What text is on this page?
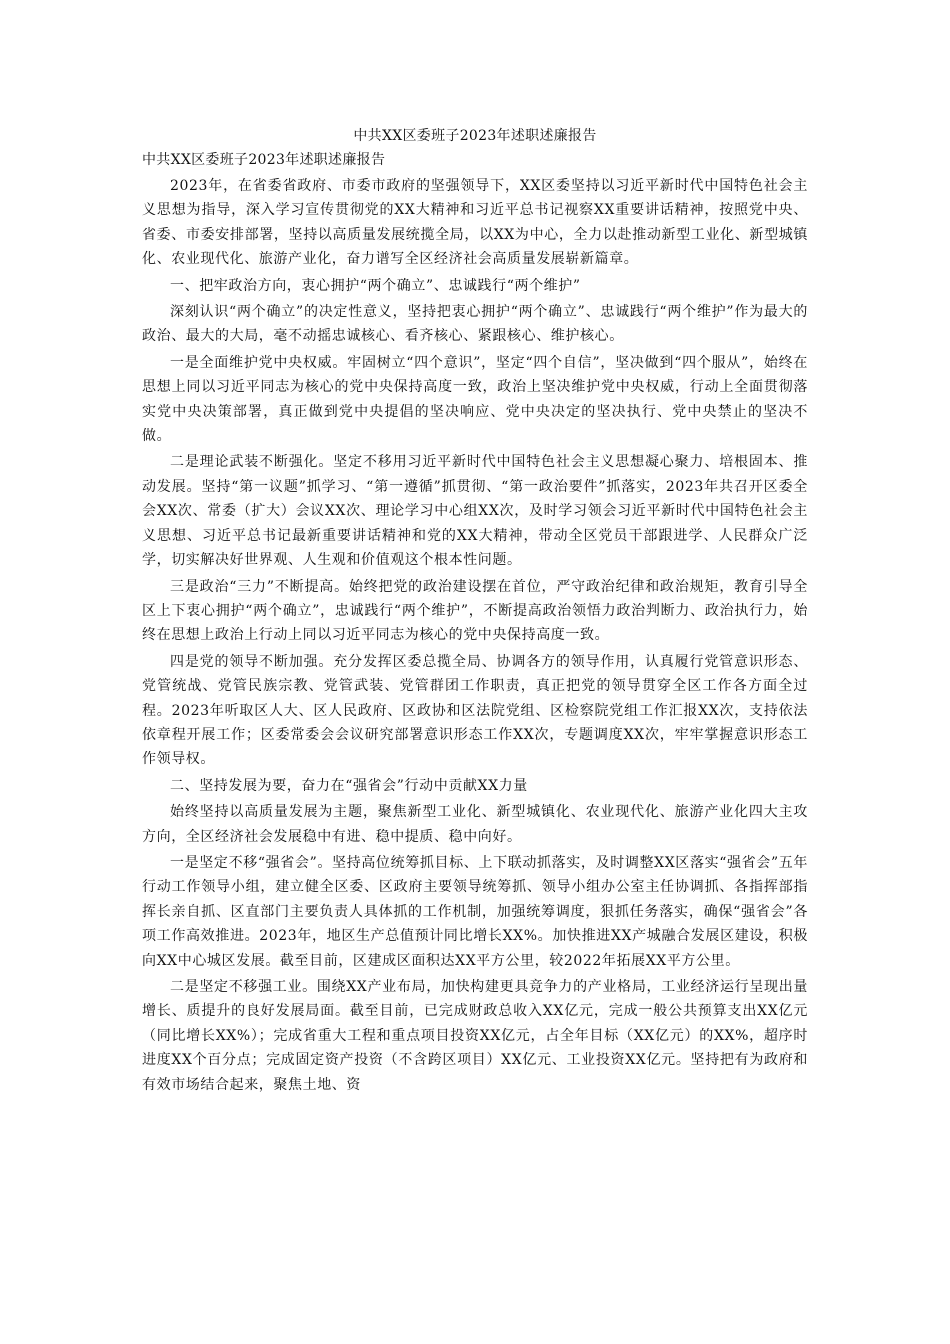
中共XX区委班子2023年述职述廉报告
中共XX区委班子2023年述职述廉报告

2023年，在省委省政府、市委市政府的坚强领导下，XX区委坚持以习近平新时代中国特色社会主义思想为指导，深入学习宣传贯彻党的XX大精神和习近平总书记视察XX重要讲话精神，按照党中央、省委、市委安排部署，坚持以高质量发展统揽全局，以XX为中心，全力以赴推动新型工业化、新型城镇化、农业现代化、旅游产业化，奋力谱写全区经济社会高质量发展崭新篇章。

一、把牢政治方向，衷心拥护“两个确立”、忠诚践行“两个维护”

深刻认识“两个确立”的决定性意义，坚持把衷心拥护“两个确立”、忠诚践行“两个维护”作为最大的政治、最大的大局，毫不动摇忠诚核心、看齐核心、紧跟核心、维护核心。

一是全面维护党中央权威。牢固树立“四个意识”，坚定“四个自信”，坚决做到“四个服从”，始终在思想上同以习近平同志为核心的党中央保持高度一致，政治上坚决维护党中央权威，行动上全面贯彻落实党中央决策部署，真正做到党中央提倡的坚决响应、党中央决定的坚决执行、党中央禁止的坚决不做。

二是理论武装不断强化。坚定不移用习近平新时代中国特色社会主义思想凝心聚力、培根固本、推动发展。坚持“第一议题”抓学习、“第一遵循”抓贯彻、“第一政治要件”抓落实，2023年共召开区委全会XX次、常委（扩大）会议XX次、理论学习中心组XX次，及时学习领会习近平新时代中国特色社会主义思想、习近平总书记最新重要讲话精神和党的XX大精神，带动全区党员干部跟进学、人民群众广泛学，切实解决好世界观、人生观和价值观这个根本性问题。

三是政治“三力”不断提高。始终把党的政治建设摆在首位，严守政治纪律和政治规矩，教育引导全区上下衷心拥护“两个确立”，忠诚践行“两个维护”，不断提高政治领悟力政治判断力、政治执行力，始终在思想上政治上行动上同以习近平同志为核心的党中央保持高度一致。

四是党的领导不断加强。充分发挥区委总揽全局、协调各方的领导作用，认真履行党管意识形态、党管统战、党管民族宗教、党管武装、党管群团工作职责，真正把党的领导贯穿全区工作各方面全过程。2023年听取区人大、区人民政府、区政协和区法院党组、区检察院党组工作汇报XX次，支持依法依章程开展工作；区委常委会会议研究部署意识形态工作XX次，专题调度XX次，牢牢掌握意识形态工作领导权。

二、坚持发展为要，奋力在“强省会”行动中贡献XX力量

始终坚持以高质量发展为主题，聚焦新型工业化、新型城镇化、农业现代化、旅游产业化四大主攻方向，全区经济社会发展稳中有进、稳中提质、稳中向好。

一是坚定不移“强省会”。坚持高位统筹抓目标、上下联动抓落实，及时调整XX区落实“强省会”五年行动工作领导小组，建立健全区委、区政府主要领导统筹抓、领导小组办公室主任协调抓、各指挥部指挥长亲自抓、区直部门主要负责人具体抓的工作机制，加强统筹调度，狠抓任务落实，确保“强省会”各项工作高效推进。2023年，地区生产总值预计同比增长XX%。加快推进XX产城融合发展区建设，积极向XX中心城区发展。截至目前，区建成区面积达XX平方公里，较2022年拓展XX平方公里。

二是坚定不移强工业。围绕XX产业布局，加快构建更具竞争力的产业格局，工业经济运行呈现出量增长、质提升的良好发展局面。截至目前，已完成财政总收入XX亿元，完成一般公共预算支出XX亿元（同比增长XX%）；完成省重大工程和重点项目投资XX亿元，占全年目标（XX亿元）的XX%，超序时进度XX个百分点；完成固定资产投资（不含跨区项目）XX亿元、工业投资XX亿元。坚持把有为政府和有效市场结合起来，聚焦土地、资
